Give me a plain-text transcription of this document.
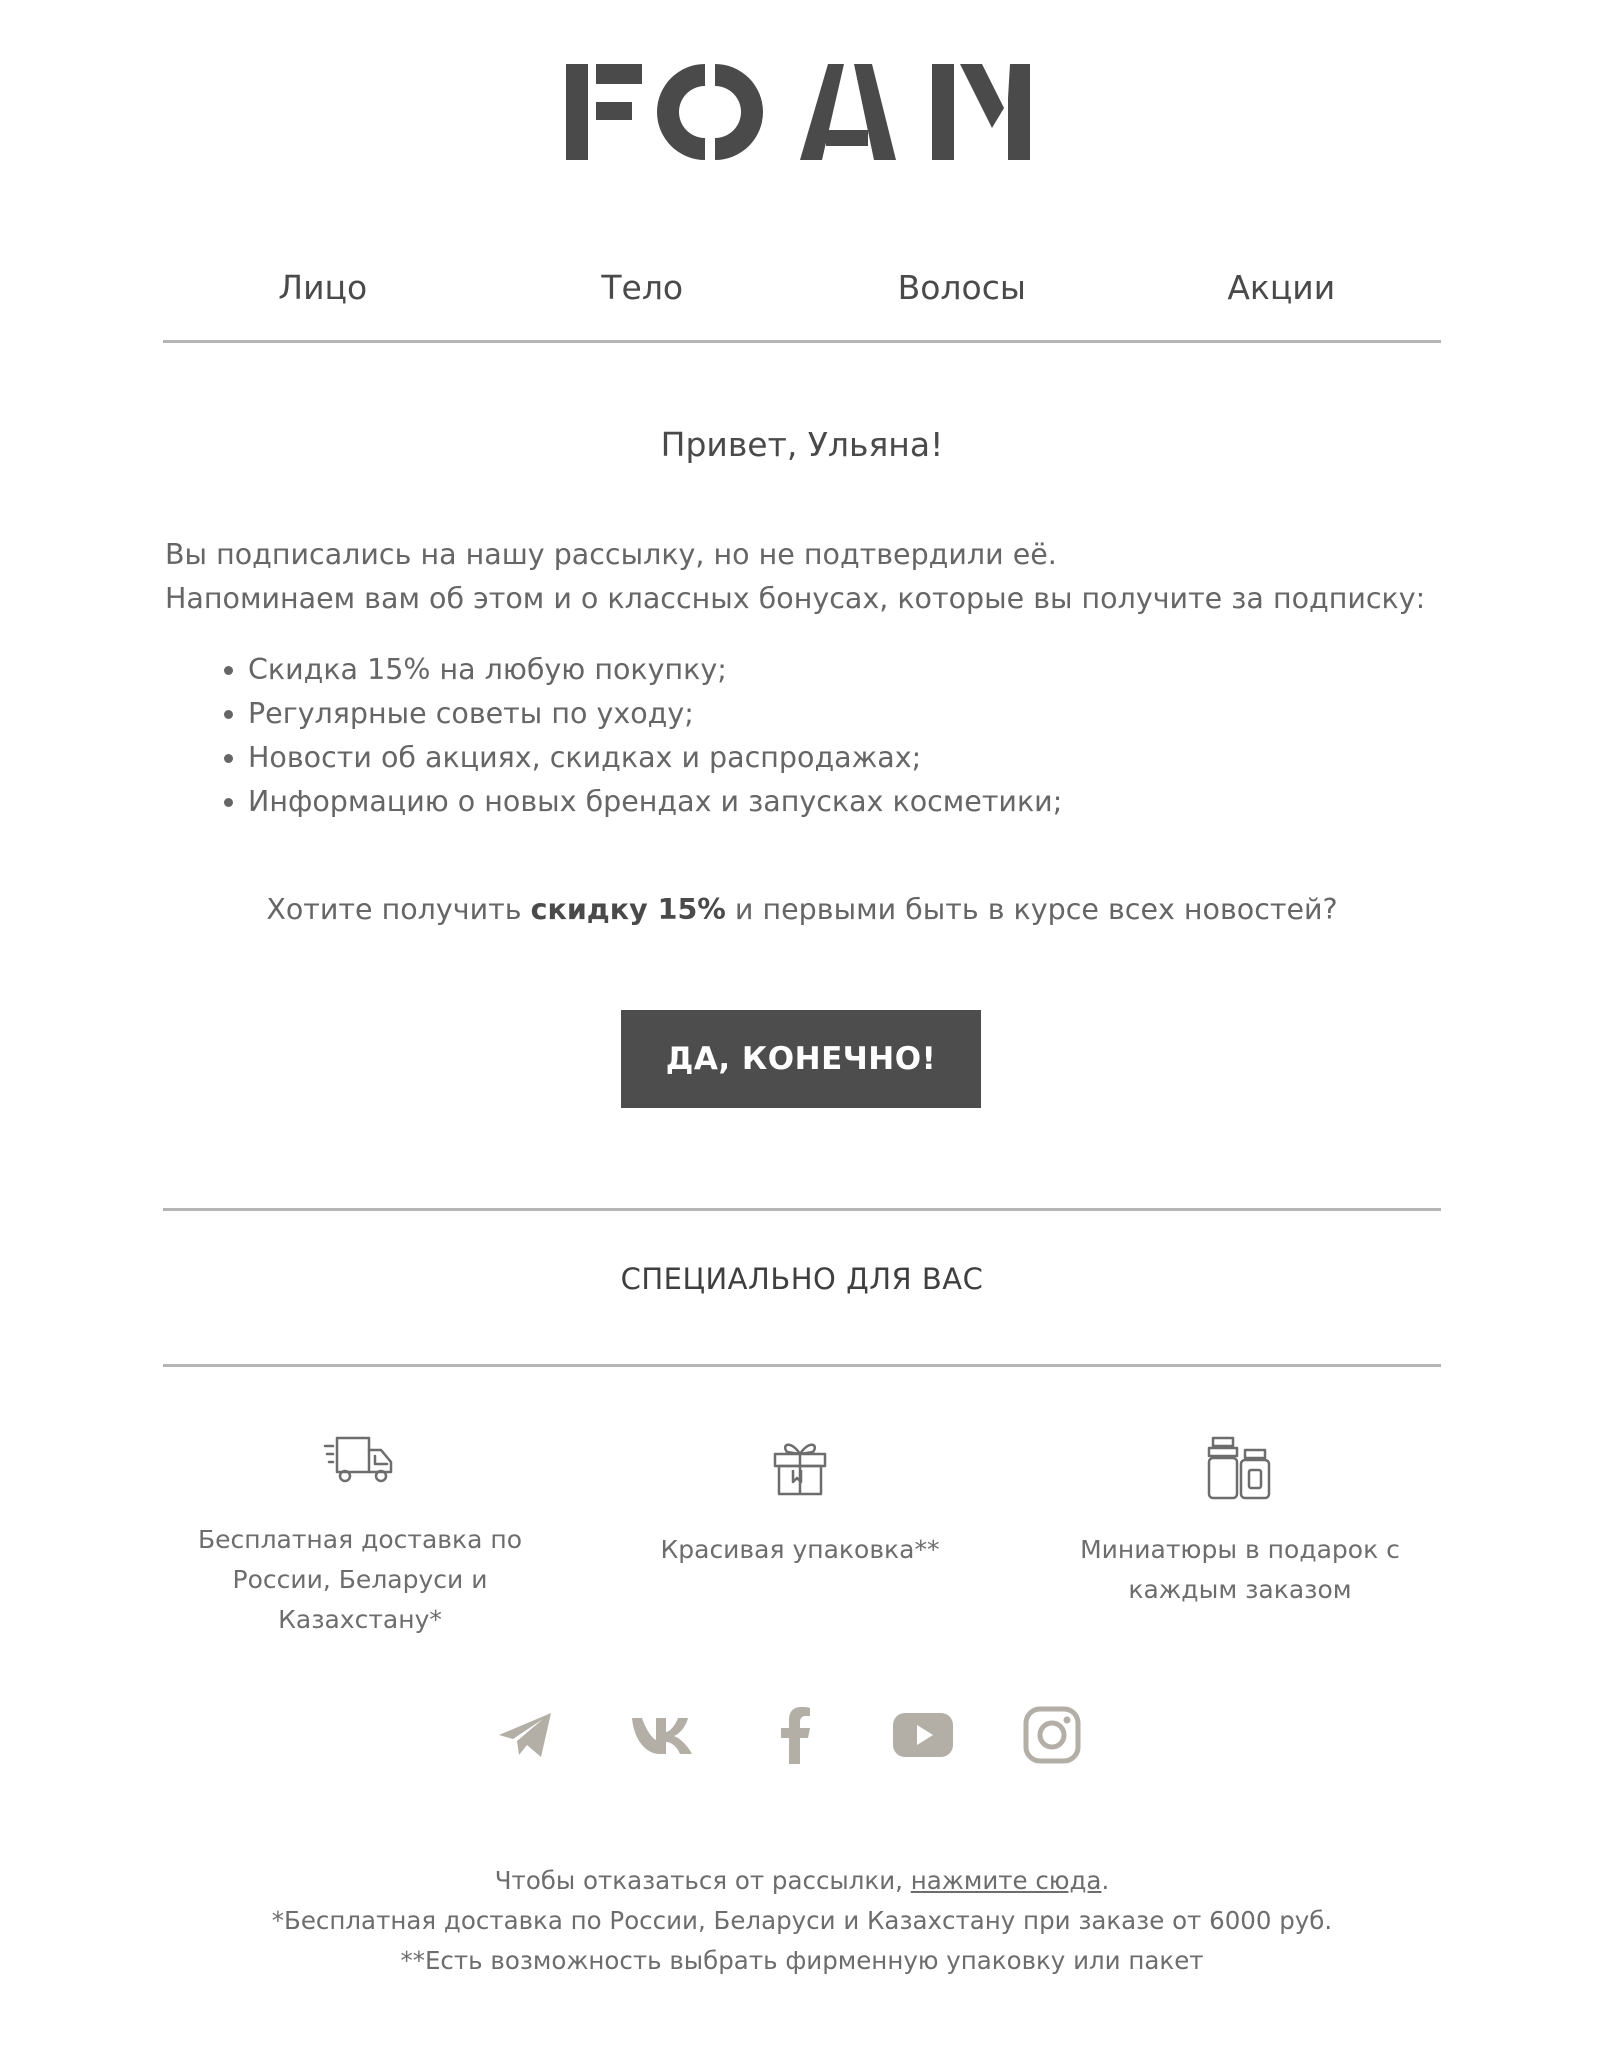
Лицо	Тело	Волосы	Акции
Привет, Ульяна!

Вы подписались на нашу рассылку, но не подтвердили её.

Напоминаем вам об этом и о классных бонусах, которые вы получите за подписку:

• Скидка 15% на любую покупку;
• Регулярные советы по уходу;
• Новости об акциях, скидках и распродажах;
• Информацию о новых брендах и запусках косметики;
Хотите получить скидку 15% и первыми быть в курсе всех новостей?
ДА, КОНЕЧНО!
СПЕЦИАЛЬНО ДЛЯ ВАС
Бесплатная доставка по
России, Беларуси и
Казахстану*
Красивая упаковка**	Миниатюры в подарок с
каждым заказом
Чтобы отказаться от рассылки, нажмите сюда.
*Бесплатная доставка по России, Беларуси и Казахстану при заказе от 6000 руб.
**Есть возможность выбрать фирменную упаковку или пакет
